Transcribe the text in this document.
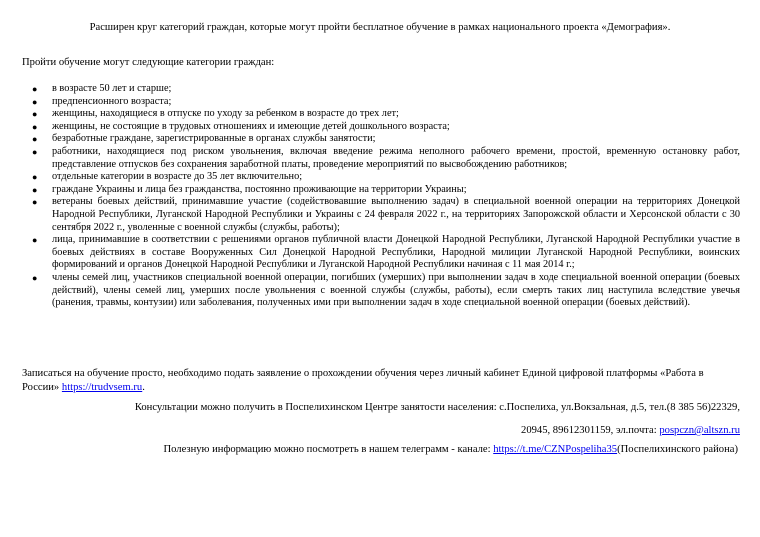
Расширен круг категорий граждан, которые могут пройти бесплатное обучение в рамках национального проекта «Демография».
Пройти обучение могут следующие категории граждан:
● в возрасте 50 лет и старше;
● предпенсионного возраста;
● женщины, находящиеся в отпуске по уходу за ребенком в возрасте до трех лет;
● женщины, не состоящие в трудовых отношениях и имеющие детей дошкольного возраста;
● безработные граждане, зарегистрированные в органах службы занятости;
● работники, находящиеся под риском увольнения, включая введение режима неполного рабочего времени, простой, временную остановку работ, представление отпусков без сохранения заработной платы, проведение мероприятий по высвобождению работников;
● отдельные категории в возрасте до 35 лет включительно;
● граждане Украины и лица без гражданства, постоянно проживающие на территории Украины;
● ветераны боевых действий, принимавшие участие (содействовавшие выполнению задач) в специальной военной операции на территориях Донецкой Народной Республики, Луганской Народной Республики и Украины с 24 февраля 2022 г., на территориях Запорожской области и Херсонской области с 30 сентября 2022 г., уволенные с военной службы (службы, работы);
● лица, принимавшие в соответствии с решениями органов публичной власти Донецкой Народной Республики, Луганской Народной Республики участие в боевых действиях в составе Вооруженных Сил Донецкой Народной Республики, Народной милиции Луганской Народной Республики, воинских формирований и органов Донецкой Народной Республики и Луганской Народной Республики начиная с 11 мая 2014 г.;
● члены семей лиц, участников специальной военной операции, погибших (умерших) при выполнении задач в ходе специальной военной операции (боевых действий), члены семей лиц, умерших после увольнения с военной службы (службы, работы), если смерть таких лиц наступила вследствие увечья (ранения, травмы, контузии) или заболевания, полученных ими при выполнении задач в ходе специальной военной операции (боевых действий).
Записаться на обучение просто, необходимо подать заявление о прохождении обучения через личный кабинет Единой цифровой платформы «Работа в России» https://trudvsem.ru.
Консультации можно получить в Поспелихинском Центре занятости населения: с.Поспелиха, ул.Вокзальная, д.5, тел.(8 385 56)22329,
20945, 89612301159, эл.почта: pospczn@altszn.ru
Полезную информацию можно посмотреть в нашем телеграмм - канале: https://t.me/CZNPospeliha35(Поспелихинского района)
